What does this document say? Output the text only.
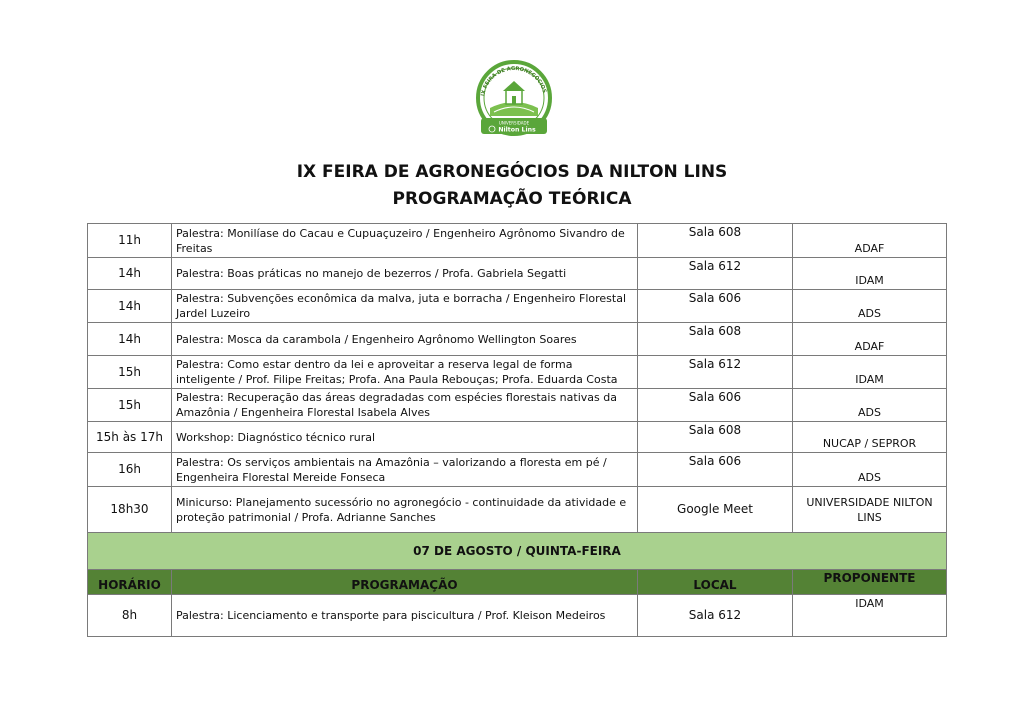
IX FEIRA DE AGRONEGÓCIOS
UNIVERSIDADE
Nilton Lins
IX FEIRA DE AGRONEGÓCIOS DA NILTON LINS
PROGRAMAÇÃO TEÓRICA
11h	Palestra: Monilíase do Cacau e Cupuaçuzeiro / Engenheiro Agrônomo Sivandro de Freitas	Sala 608	ADAF
14h	Palestra: Boas práticas no manejo de bezerros / Profa. Gabriela Segatti	Sala 612	IDAM
14h	Palestra: Subvenções econômica da malva, juta e borracha / Engenheiro Florestal Jardel Luzeiro	Sala 606	ADS
14h	Palestra: Mosca da carambola / Engenheiro Agrônomo Wellington Soares	Sala 608	ADAF
15h	Palestra: Como estar dentro da lei e aproveitar a reserva legal de forma inteligente / Prof. Filipe Freitas; Profa. Ana Paula Rebouças; Profa. Eduarda Costa	Sala 612	IDAM
15h	Palestra: Recuperação das áreas degradadas com espécies florestais nativas da Amazônia / Engenheira Florestal Isabela Alves	Sala 606	ADS
15h às 17h	Workshop: Diagnóstico técnico rural	Sala 608	NUCAP / SEPROR
16h	Palestra: Os serviços ambientais na Amazônia – valorizando a floresta em pé / Engenheira Florestal Mereide Fonseca	Sala 606	ADS
18h30	Minicurso: Planejamento sucessório no agronegócio - continuidade da atividade e proteção patrimonial / Profa. Adrianne Sanches	Google Meet	UNIVERSIDADE NILTON LINS
07 DE AGOSTO / QUINTA-FEIRA			
HORÁRIO	PROGRAMAÇÃO	LOCAL	PROPONENTE
8h	Palestra: Licenciamento e transporte para piscicultura / Prof. Kleison Medeiros	Sala 612	IDAM
